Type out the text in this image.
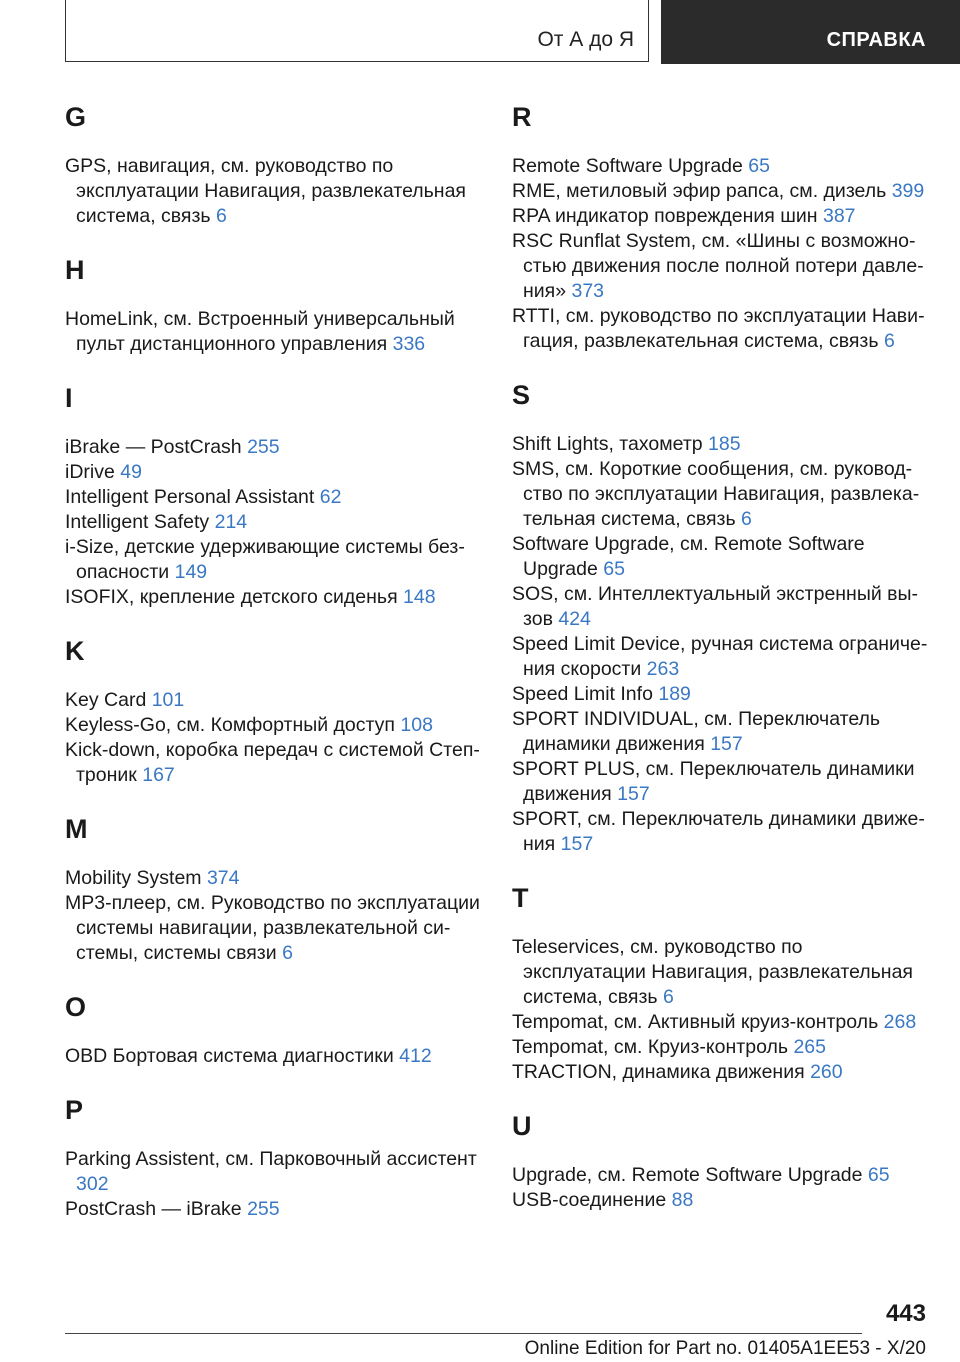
От А до Я	СПРАВКА
G

GPS, навигация, см. руководство по эксплуатации Навигация, развлекательная система, связь 6

H

HomeLink, см. Встроенный универсальный пульт дистанционного управления 336

I

iBrake — PostCrash 255

iDrive 49

Intelligent Personal Assistant 62

Intelligent Safety 214

i-Size, детские удерживающие системы безопасности 149

ISOFIX, крепление детского сиденья 148

K

Key Card 101

Keyless-Go, см. Комфортный доступ 108

Kick-down, коробка передач с системой Стептроник 167

M

Mobility System 374

MP3-плеер, см. Руководство по эксплуатации системы навигации, развлекательной системы, системы связи 6

O

OBD Бортовая система диагностики 412

P

Parking Assistent, см. Парковочный ассистент 302

PostCrash — iBrake 255

R

Remote Software Upgrade 65

RME, метиловый эфир рапса, см. дизель 399

RPA индикатор повреждения шин 387

RSC Runflat System, см. «Шины с возможностью движения после полной потери давления» 373

RTTI, см. руководство по эксплуатации Навигация, развлекательная система, связь 6

S

Shift Lights, тахометр 185

SMS, см. Короткие сообщения, см. руководство по эксплуатации Навигация, развлекательная система, связь 6

Software Upgrade, см. Remote Software Upgrade 65

SOS, см. Интеллектуальный экстренный вызов 424

Speed Limit Device, ручная система ограничения скорости 263

Speed Limit Info 189

SPORT INDIVIDUAL, см. Переключатель динамики движения 157

SPORT PLUS, см. Переключатель динамики движения 157

SPORT, см. Переключатель динамики движения 157

T

Teleservices, см. руководство по эксплуатации Навигация, развлекательная система, связь 6

Tempomat, см. Активный круиз-контроль 268

Tempomat, см. Круиз-контроль 265

TRACTION, динамика движения 260

U

Upgrade, см. Remote Software Upgrade 65

USB-соединение 88

443
Online Edition for Part no. 01405A1EE53 - X/20
